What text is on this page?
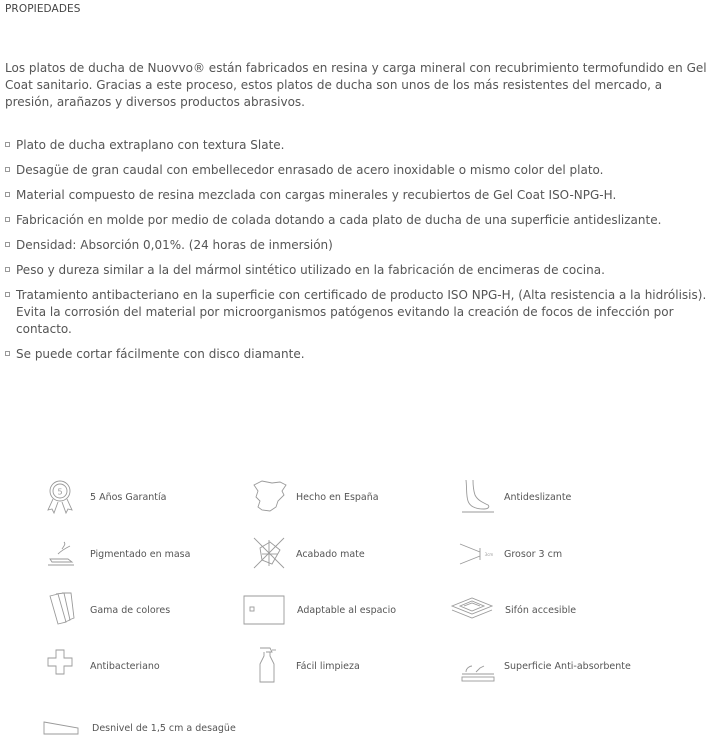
PROPIEDADES

Los platos de ducha de Nuovvo® están fabricados en resina y carga mineral con recubrimiento termofundido en Gel Coat sanitario. Gracias a este proceso, estos platos de ducha son unos de los más resistentes del mercado, a presión, arañazos y diversos productos abrasivos.

Plato de ducha extraplano con textura Slate.
Desagüe de gran caudal con embellecedor enrasado de acero inoxidable o mismo color del plato.
Material compuesto de resina mezclada con cargas minerales y recubiertos de Gel Coat ISO-NPG-H.
Fabricación en molde por medio de colada dotando a cada plato de ducha de una superficie antideslizante.
Densidad: Absorción 0,01%. (24 horas de inmersión)
Peso y dureza similar a la del mármol sintético utilizado en la fabricación de encimeras de cocina.
Tratamiento antibacteriano en la superficie con certificado de producto ISO NPG-H, (Alta resistencia a la hidrólisis).
Evita la corrosión del material por microorganismos patógenos evitando la creación de focos de infección por contacto.
Se puede cortar fácilmente con disco diamante.
5	5 Años Garantía	Hecho en España	Antideslizante
Pigmentado en masa	Acabado mate	3cm Grosor 3 cm
Gama de colores	Adaptable al espacio	Sifón accesible
Antibacteriano	Fácil limpieza	Superficie Anti-absorbente
Desnivel de 1,5 cm a desagüe
